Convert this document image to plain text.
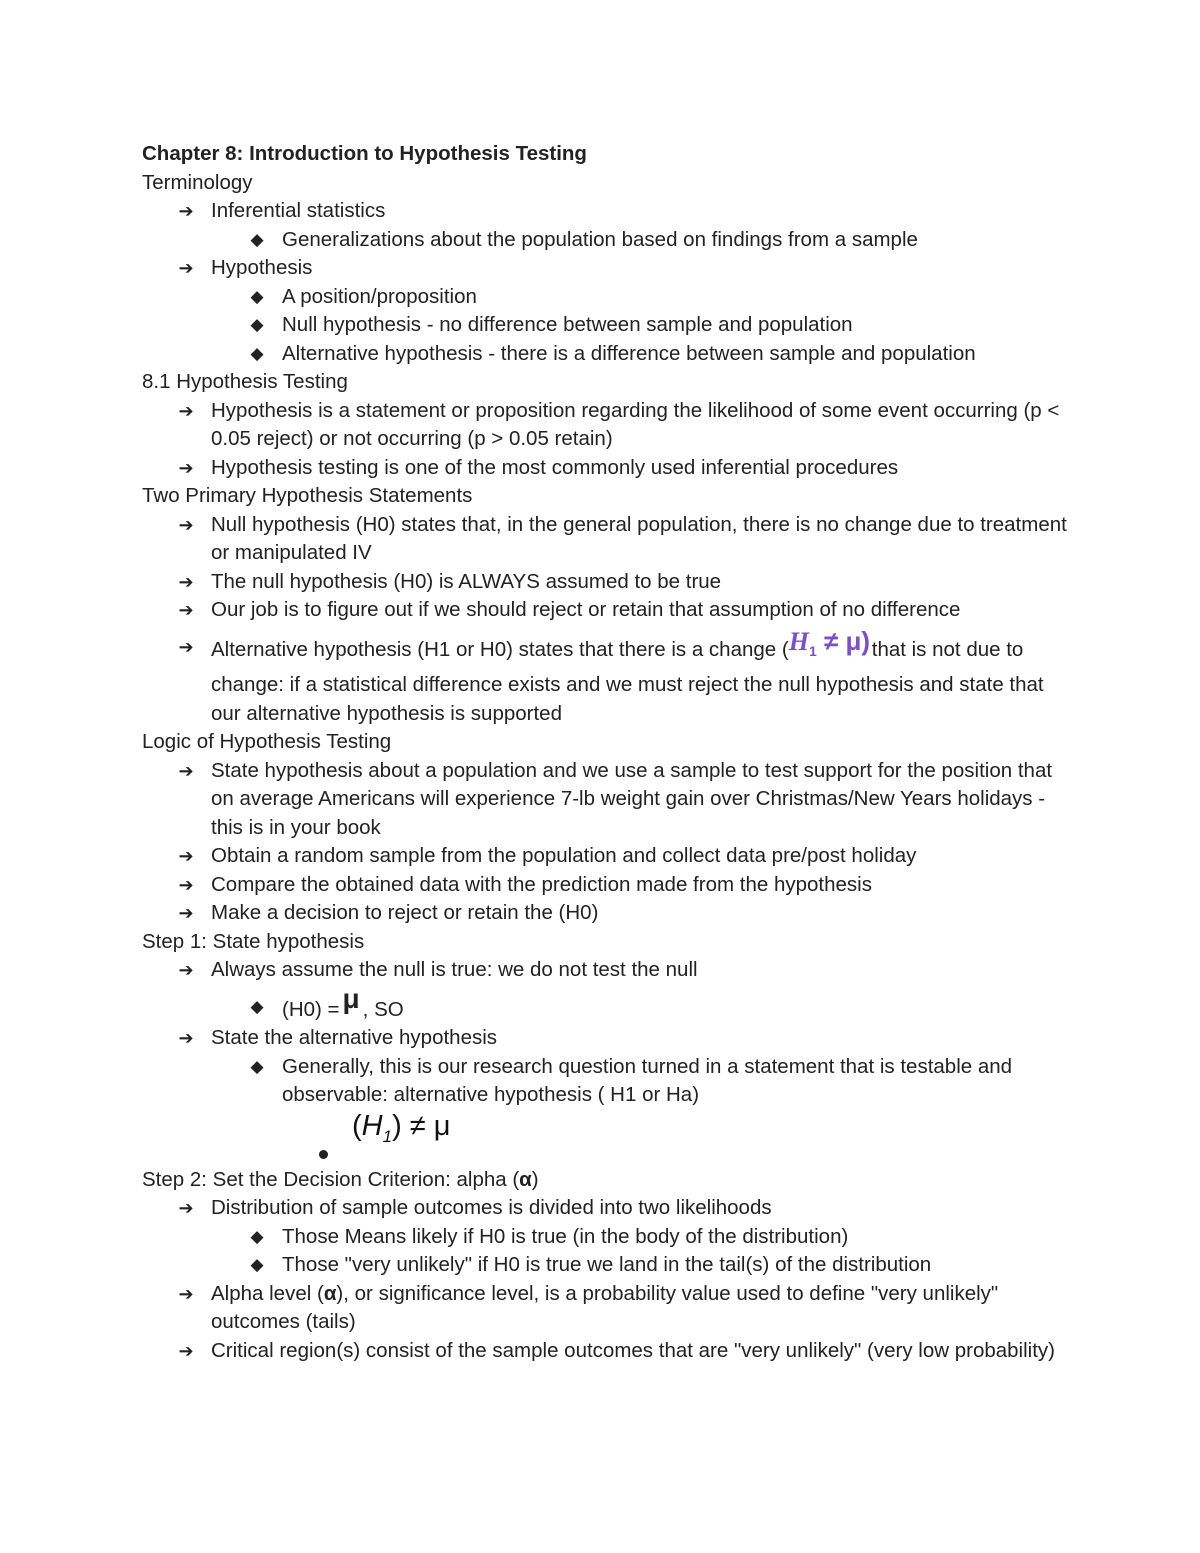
Chapter 8: Introduction to Hypothesis Testing

Terminology

➔ Inferential statistics

◆ Generalizations about the population based on findings from a sample

➔ Hypothesis

◆ A position/proposition

◆ Null hypothesis - no difference between sample and population

◆ Alternative hypothesis - there is a difference between sample and population

8.1 Hypothesis Testing

➔ Hypothesis is a statement or proposition regarding the likelihood of some event occurring (p < 0.05 reject) or not occurring (p > 0.05 retain)

➔ Hypothesis testing is one of the most commonly used inferential procedures

Two Primary Hypothesis Statements

➔ Null hypothesis (H0) states that, in the general population, there is no change due to treatment or manipulated IV

➔ The null hypothesis (H0) is ALWAYS assumed to be true

➔ Our job is to figure out if we should reject or retain that assumption of no difference

➔ Alternative hypothesis (H1 or H0) states that there is a change $(H_1 \ne \mu)$ that is not due to change: if a statistical difference exists and we must reject the null hypothesis and state that our alternative hypothesis is supported

Logic of Hypothesis Testing

➔ State hypothesis about a population and we use a sample to test support for the position that on average Americans will experience 7-lb weight gain over Christmas/New Years holidays - this is in your book

➔ Obtain a random sample from the population and collect data pre/post holiday

➔ Compare the obtained data with the prediction made from the hypothesis

➔ Make a decision to reject or retain the (H0)

Step 1: State hypothesis

➔ Always assume the null is true: we do not test the null

◆ (H0) = μ , SO

➔ State the alternative hypothesis

◆ Generally, this is our research question turned in a statement that is testable and observable: alternative hypothesis ( H1 or Ha)

$(H_1) \ne \mu$

Step 2: Set the Decision Criterion: alpha (α)

➔ Distribution of sample outcomes is divided into two likelihoods

◆ Those Means likely if H0 is true (in the body of the distribution)

◆ Those "very unlikely" if H0 is true we land in the tail(s) of the distribution

➔ Alpha level (α), or significance level, is a probability value used to define "very unlikely" outcomes (tails)

➔ Critical region(s) consist of the sample outcomes that are "very unlikely" (very low probability)
